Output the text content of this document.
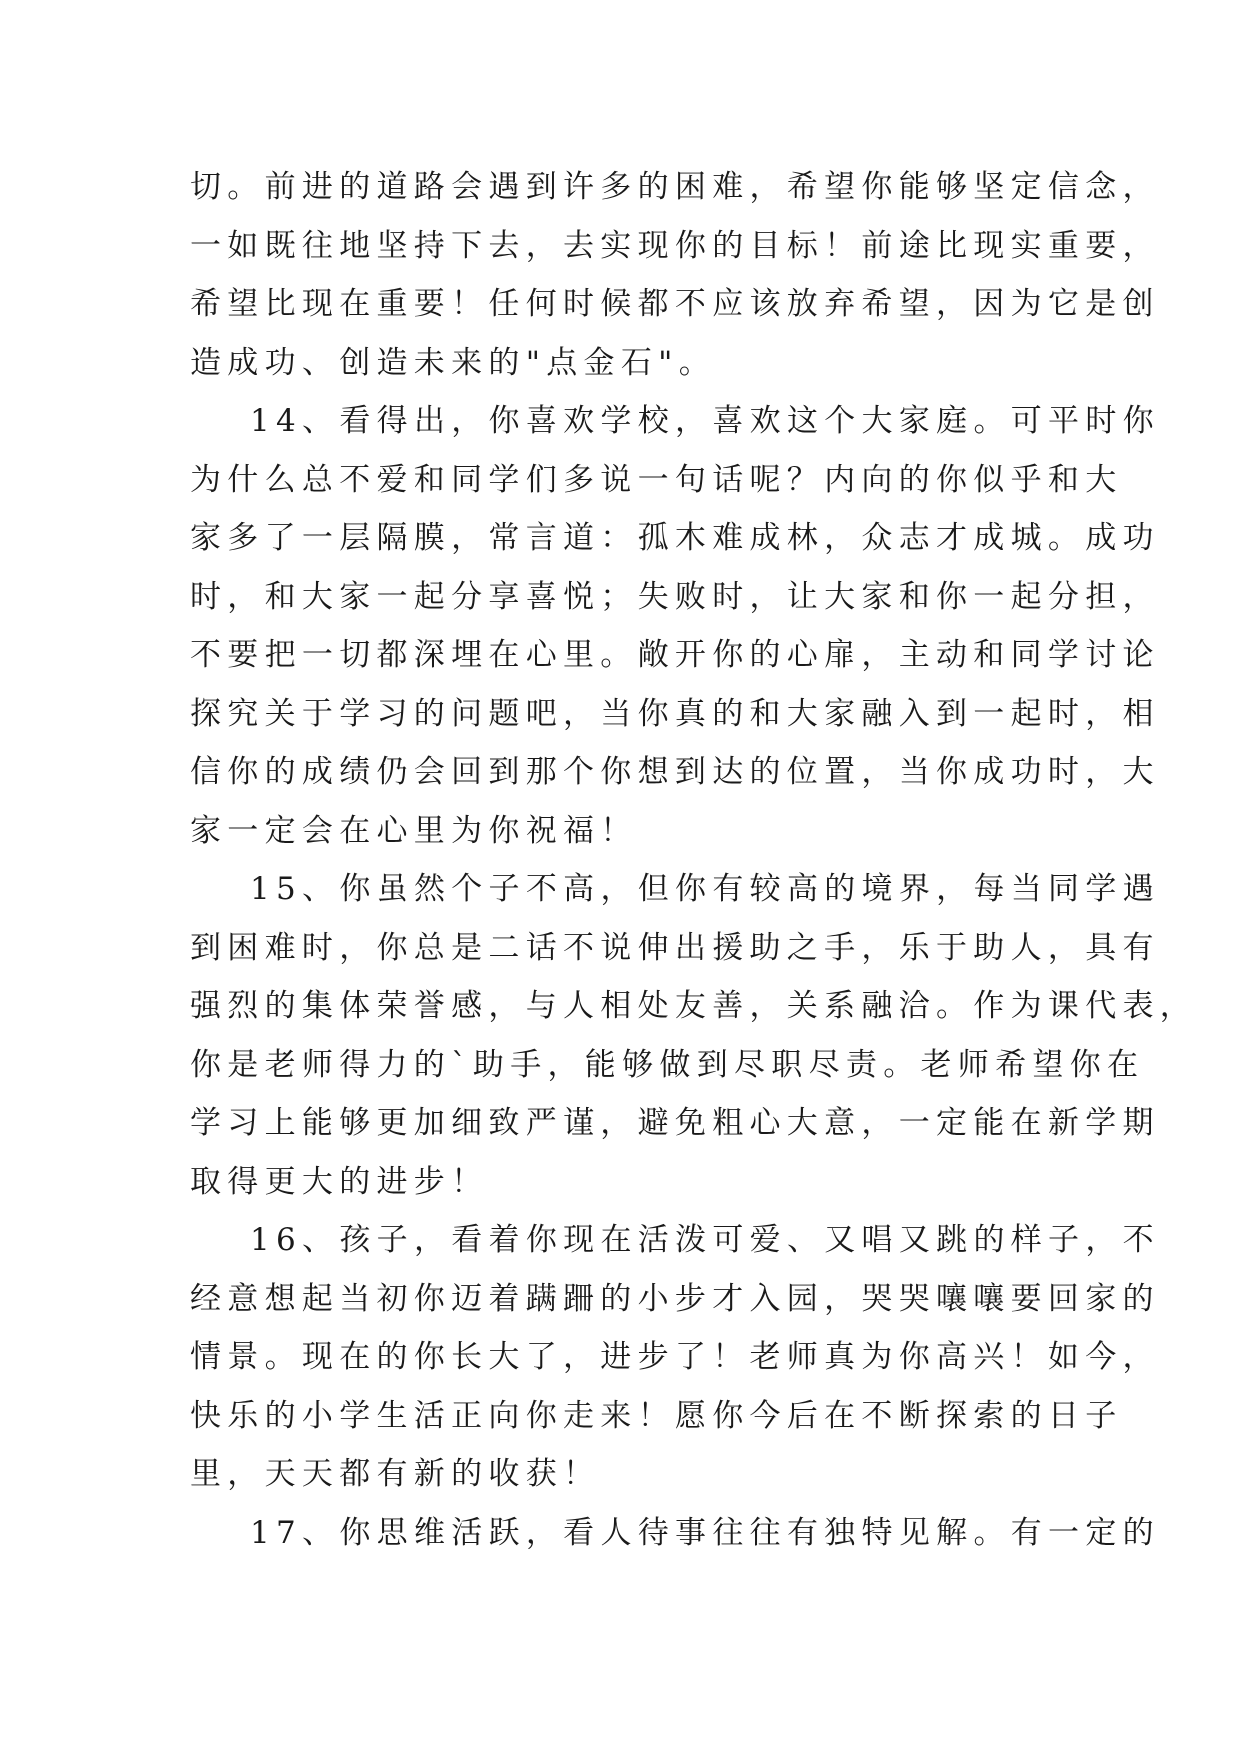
切。前进的道路会遇到许多的困难，希望你能够坚定信念，
一如既往地坚持下去，去实现你的目标！前途比现实重要，
希望比现在重要！任何时候都不应该放弃希望，因为它是创
造成功、创造未来的"点金石"。
14、看得出，你喜欢学校，喜欢这个大家庭。可平时你
为什么总不爱和同学们多说一句话呢？内向的你似乎和大
家多了一层隔膜，常言道：孤木难成林，众志才成城。成功
时，和大家一起分享喜悦；失败时，让大家和你一起分担，
不要把一切都深埋在心里。敞开你的心扉，主动和同学讨论
探究关于学习的问题吧，当你真的和大家融入到一起时，相
信你的成绩仍会回到那个你想到达的位置，当你成功时，大
家一定会在心里为你祝福！
15、你虽然个子不高，但你有较高的境界，每当同学遇
到困难时，你总是二话不说伸出援助之手，乐于助人，具有
强烈的集体荣誉感，与人相处友善，关系融洽。作为课代表，
你是老师得力的`助手，能够做到尽职尽责。老师希望你在
学习上能够更加细致严谨，避免粗心大意，一定能在新学期
取得更大的进步！
16、孩子，看着你现在活泼可爱、又唱又跳的样子，不
经意想起当初你迈着蹒跚的小步才入园，哭哭嚷嚷要回家的
情景。现在的你长大了，进步了！老师真为你高兴！如今，
快乐的小学生活正向你走来！愿你今后在不断探索的日子
里，天天都有新的收获！
17、你思维活跃，看人待事往往有独特见解。有一定的
